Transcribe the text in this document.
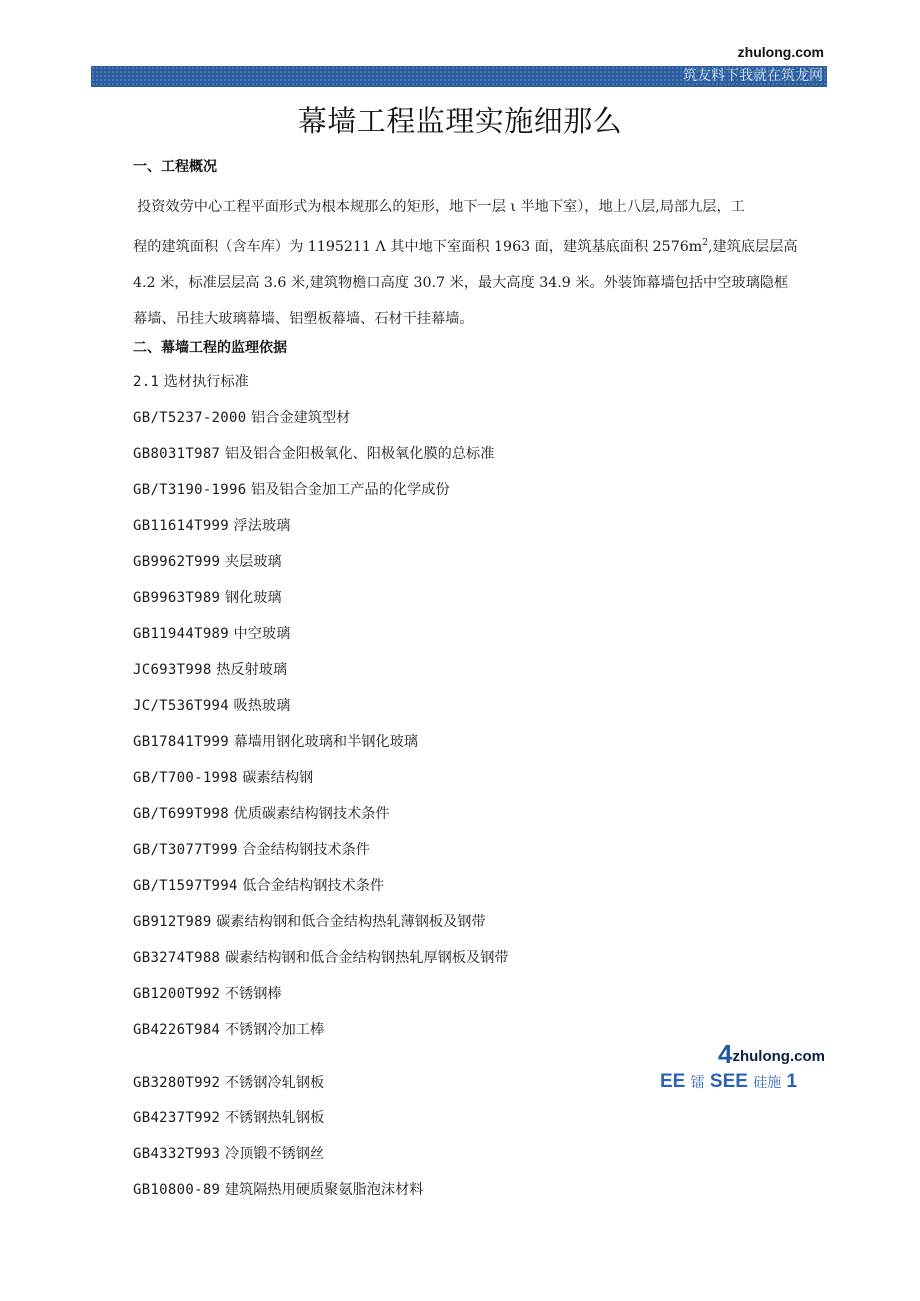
zhulong.com
筑友料下我就在筑龙网
幕墙工程监理实施细那么
一、工程概况
投资效劳中心工程平面形式为根本规那么的矩形，地下一层 ι 半地下室），地上八层,局部九层，工
程的建筑面积（含车库）为 1195211 Λ 其中地下室面积 1963 面，建筑基底面积 $2576m^2$,建筑底层层高
4.2 米，标准层层高 3.6 米,建筑物檐口高度 30.7 米，最大高度 34.9 米。外装饰幕墙包括中空玻璃隐框
幕墙、吊挂大玻璃幕墙、铝塑板幕墙、石材干挂幕墙。
二、幕墙工程的监理依据
2.1 选材执行标准
GB/T5237-2000 铝合金建筑型材
GB8031T987 铝及铝合金阳极氧化、阳极氧化膜的总标准
GB/T3190-1996 铝及铝合金加工产品的化学成份
GB11614T999 浮法玻璃
GB9962T999 夹层玻璃
GB9963T989 钢化玻璃
GB11944T989 中空玻璃
JC693T998 热反射玻璃
JC/T536T994 吸热玻璃
GB17841T999 幕墙用钢化玻璃和半钢化玻璃
GB/T700-1998 碳素结构钢
GB/T699T998 优质碳素结构钢技术条件
GB/T3077T999 合金结构钢技术条件
GB/T1597T994 低合金结构钢技术条件
GB912T989 碳素结构钢和低合金结构热轧薄钢板及钢带
GB3274T988 碳素结构钢和低合金结构钢热轧厚钢板及钢带
GB1200T992 不锈钢棒
GB4226T984 不锈钢冷加工棒
GB3280T992 不锈钢冷轧钢板
GB4237T992 不锈钢热轧钢板
GB4332T993 冷顶锻不锈钢丝
GB10800-89 建筑隔热用硬质聚氨脂泡沫材料
4zhulong.com
EE 镭 SEE 硅施 1
